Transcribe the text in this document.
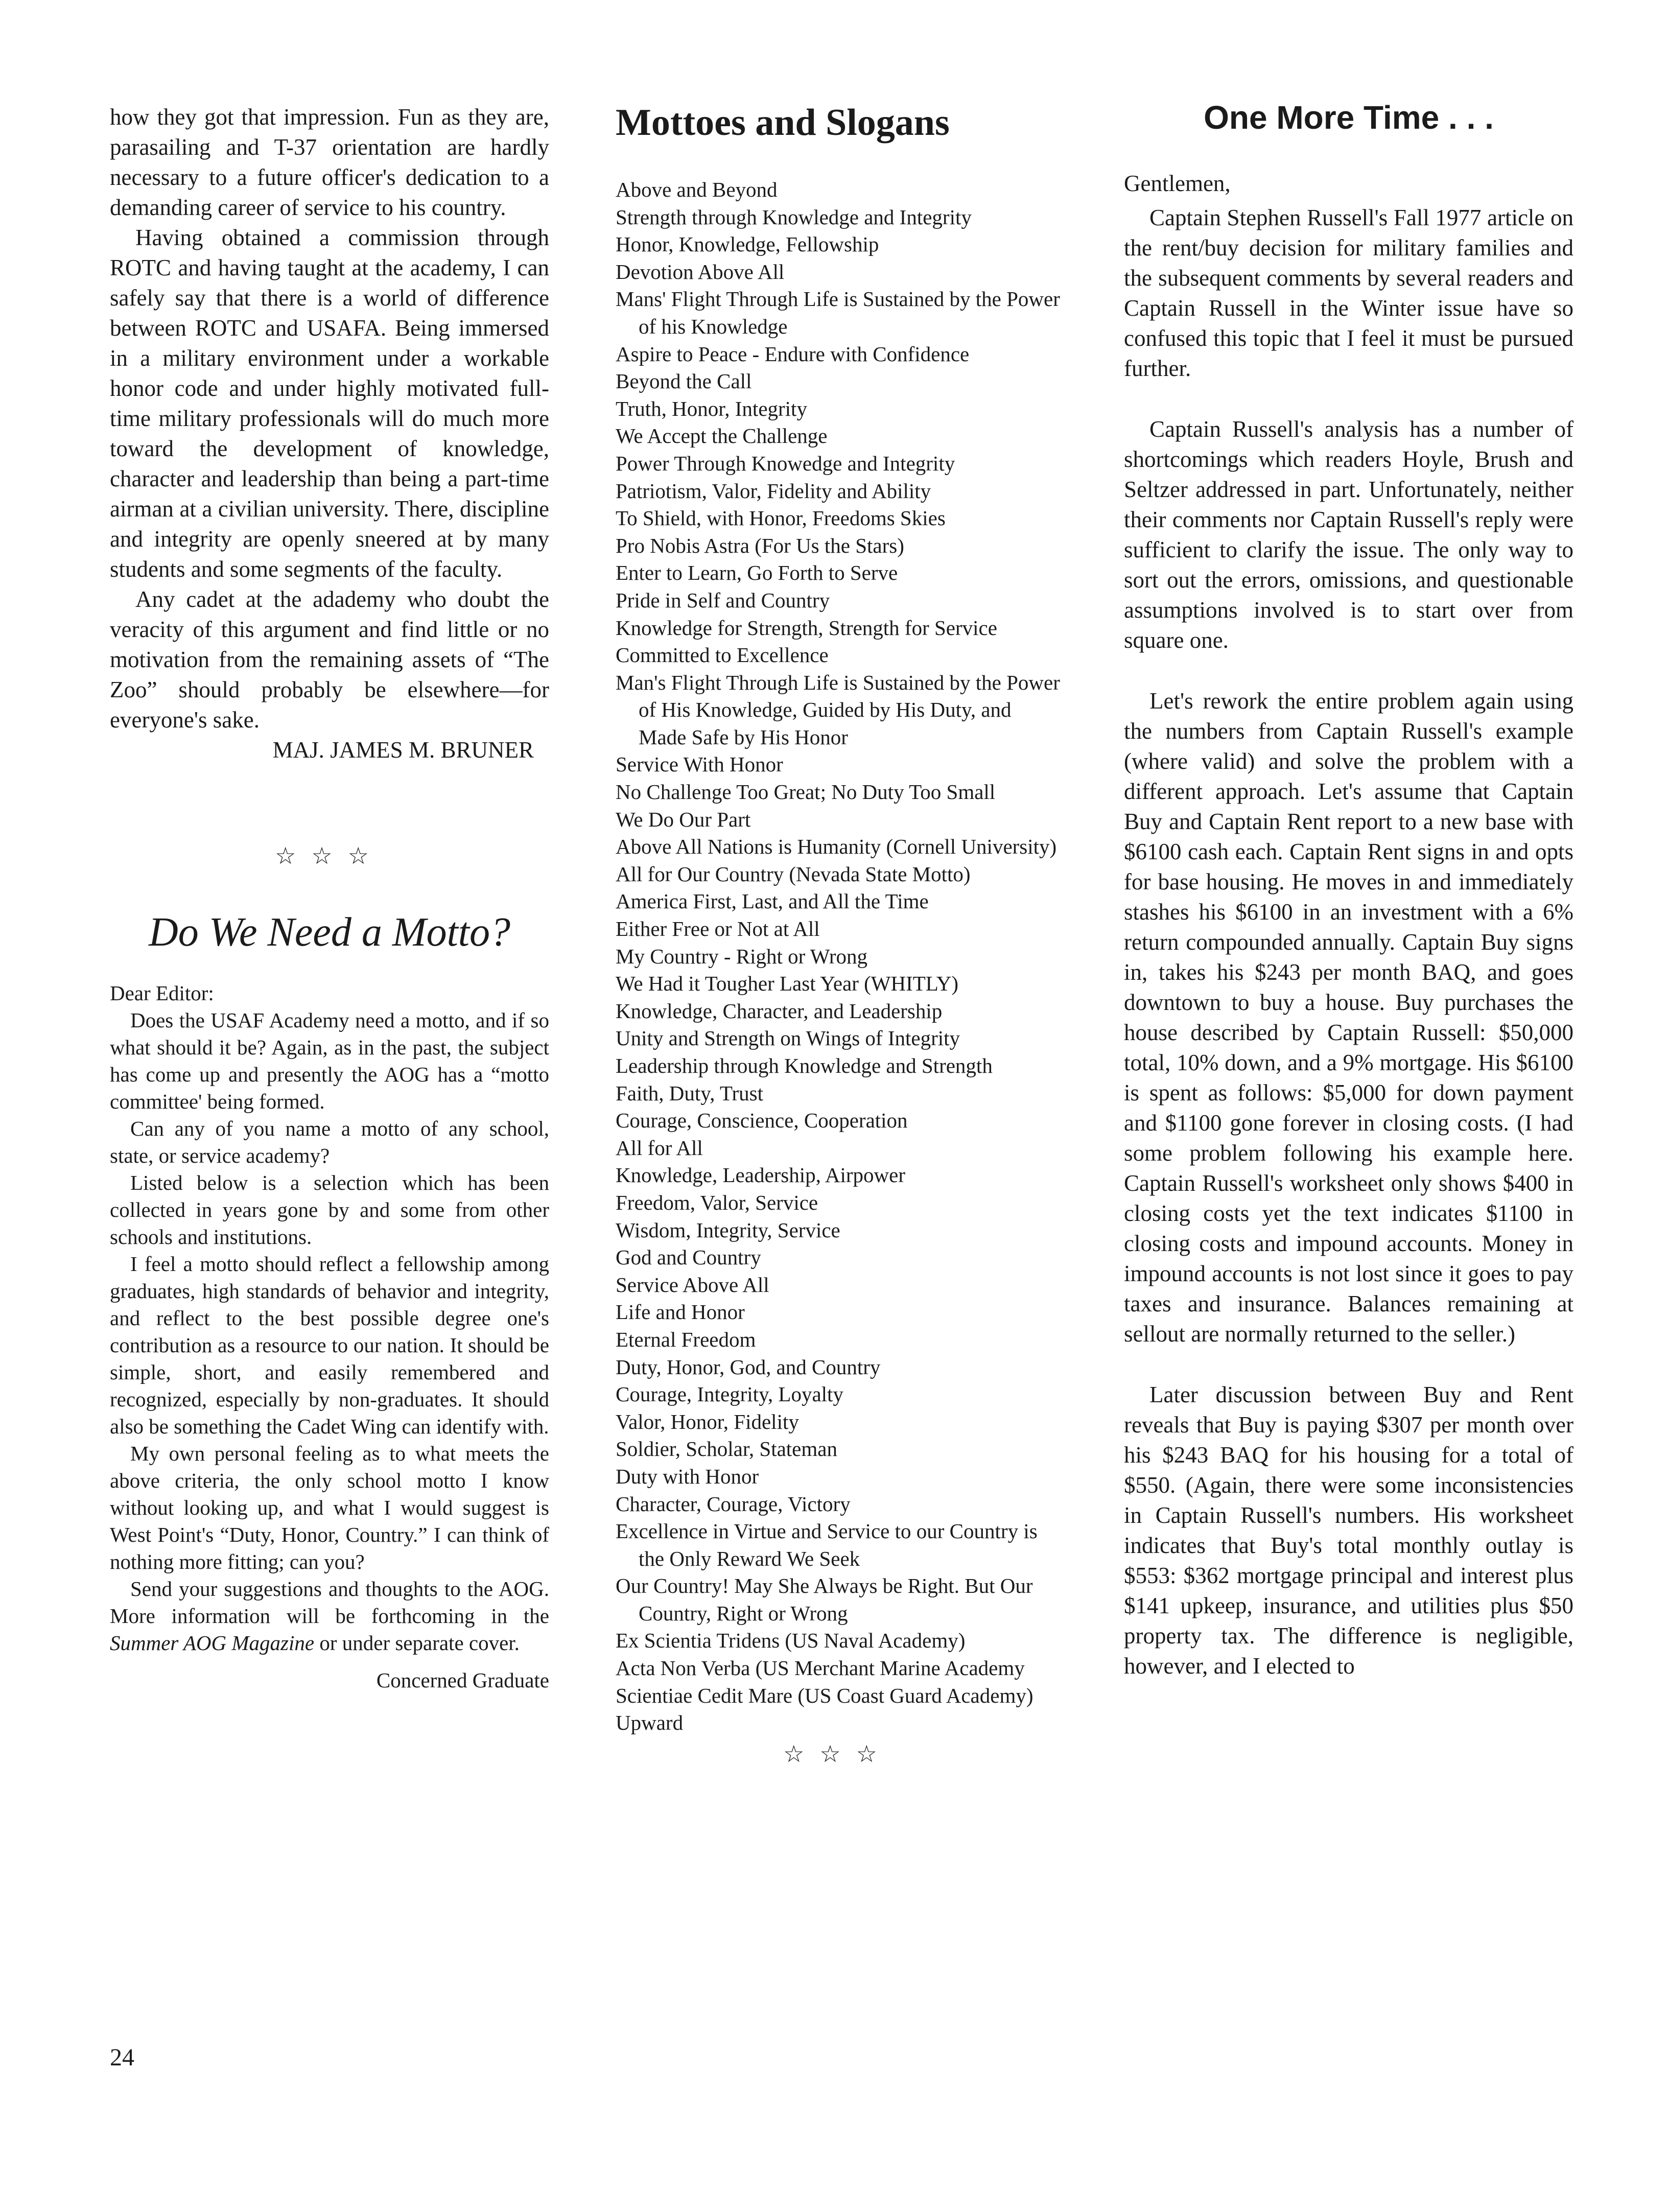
how they got that impression. Fun as they are, parasailing and T-37 orientation are hardly necessary to a future officer's dedication to a demanding career of service to his country.

Having obtained a commission through ROTC and having taught at the academy, I can safely say that there is a world of difference between ROTC and USAFA. Being immersed in a military environment under a workable honor code and under highly motivated full-time military professionals will do much more toward the development of knowledge, character and leadership than being a part-time airman at a civilian university. There, discipline and integrity are openly sneered at by many students and some segments of the faculty.

Any cadet at the adademy who doubt the veracity of this argument and find little or no motivation from the remaining assets of “The Zoo” should probably be elsewhere—for everyone's sake.

MAJ. JAMES M. BRUNER

☆☆☆
Do We Need a Motto?

Dear Editor:

Does the USAF Academy need a motto, and if so what should it be? Again, as in the past, the subject has come up and presently the AOG has a “motto committee' being formed.

Can any of you name a motto of any school, state, or service academy?

Listed below is a selection which has been collected in years gone by and some from other schools and institutions.

I feel a motto should reflect a fellowship among graduates, high standards of behavior and integrity, and reflect to the best possible degree one's contribution as a resource to our nation. It should be simple, short, and easily remembered and recognized, especially by non-graduates. It should also be something the Cadet Wing can identify with.

My own personal feeling as to what meets the above criteria, the only school motto I know without looking up, and what I would suggest is West Point's “Duty, Honor, Country.” I can think of nothing more fitting; can you?

Send your suggestions and thoughts to the AOG. More information will be forthcoming in the Summer AOG Magazine or under separate cover.

Concerned Graduate

Mottoes and Slogans
Above and Beyond
Strength through Knowledge and Integrity
Honor, Knowledge, Fellowship
Devotion Above All
Mans' Flight Through Life is Sustained by the Power of his Knowledge
Aspire to Peace - Endure with Confidence
Beyond the Call
Truth, Honor, Integrity
We Accept the Challenge
Power Through Knowedge and Integrity
Patriotism, Valor, Fidelity and Ability
To Shield, with Honor, Freedoms Skies
Pro Nobis Astra (For Us the Stars)
Enter to Learn, Go Forth to Serve
Pride in Self and Country
Knowledge for Strength, Strength for Service
Committed to Excellence
Man's Flight Through Life is Sustained by the Power of His Knowledge, Guided by His Duty, and Made Safe by His Honor
Service With Honor
No Challenge Too Great; No Duty Too Small
We Do Our Part
Above All Nations is Humanity (Cornell University)
All for Our Country (Nevada State Motto)
America First, Last, and All the Time
Either Free or Not at All
My Country - Right or Wrong
We Had it Tougher Last Year (WHITLY)
Knowledge, Character, and Leadership
Unity and Strength on Wings of Integrity
Leadership through Knowledge and Strength
Faith, Duty, Trust
Courage, Conscience, Cooperation
All for All
Knowledge, Leadership, Airpower
Freedom, Valor, Service
Wisdom, Integrity, Service
God and Country
Service Above All
Life and Honor
Eternal Freedom
Duty, Honor, God, and Country
Courage, Integrity, Loyalty
Valor, Honor, Fidelity
Soldier, Scholar, Stateman
Duty with Honor
Character, Courage, Victory
Excellence in Virtue and Service to our Country is the Only Reward We Seek
Our Country! May She Always be Right. But Our Country, Right or Wrong
Ex Scientia Tridens (US Naval Academy)
Acta Non Verba (US Merchant Marine Academy
Scientiae Cedit Mare (US Coast Guard Academy)
Upward
☆☆☆
One More Time . . .

Gentlemen,

Captain Stephen Russell's Fall 1977 article on the rent/buy decision for military families and the subsequent comments by several readers and Captain Russell in the Winter issue have so confused this topic that I feel it must be pursued further.

Captain Russell's analysis has a number of shortcomings which readers Hoyle, Brush and Seltzer addressed in part. Unfortunately, neither their comments nor Captain Russell's reply were sufficient to clarify the issue. The only way to sort out the errors, omissions, and questionable assumptions involved is to start over from square one.

Let's rework the entire problem again using the numbers from Captain Russell's example (where valid) and solve the problem with a different approach. Let's assume that Captain Buy and Captain Rent report to a new base with $6100 cash each. Captain Rent signs in and opts for base housing. He moves in and immediately stashes his $6100 in an investment with a 6% return compounded annually. Captain Buy signs in, takes his $243 per month BAQ, and goes downtown to buy a house. Buy purchases the house described by Captain Russell: $50,000 total, 10% down, and a 9% mortgage. His $6100 is spent as follows: $5,000 for down payment and $1100 gone forever in closing costs. (I had some problem following his example here. Captain Russell's worksheet only shows $400 in closing costs yet the text indicates $1100 in closing costs and impound accounts. Money in impound accounts is not lost since it goes to pay taxes and insurance. Balances remaining at sellout are normally returned to the seller.)

Later discussion between Buy and Rent reveals that Buy is paying $307 per month over his $243 BAQ for his housing for a total of $550. (Again, there were some inconsistencies in Captain Russell's numbers. His worksheet indicates that Buy's total monthly outlay is $553: $362 mortgage principal and interest plus $141 upkeep, insurance, and utilities plus $50 property tax. The difference is negligible, however, and I elected to

24
